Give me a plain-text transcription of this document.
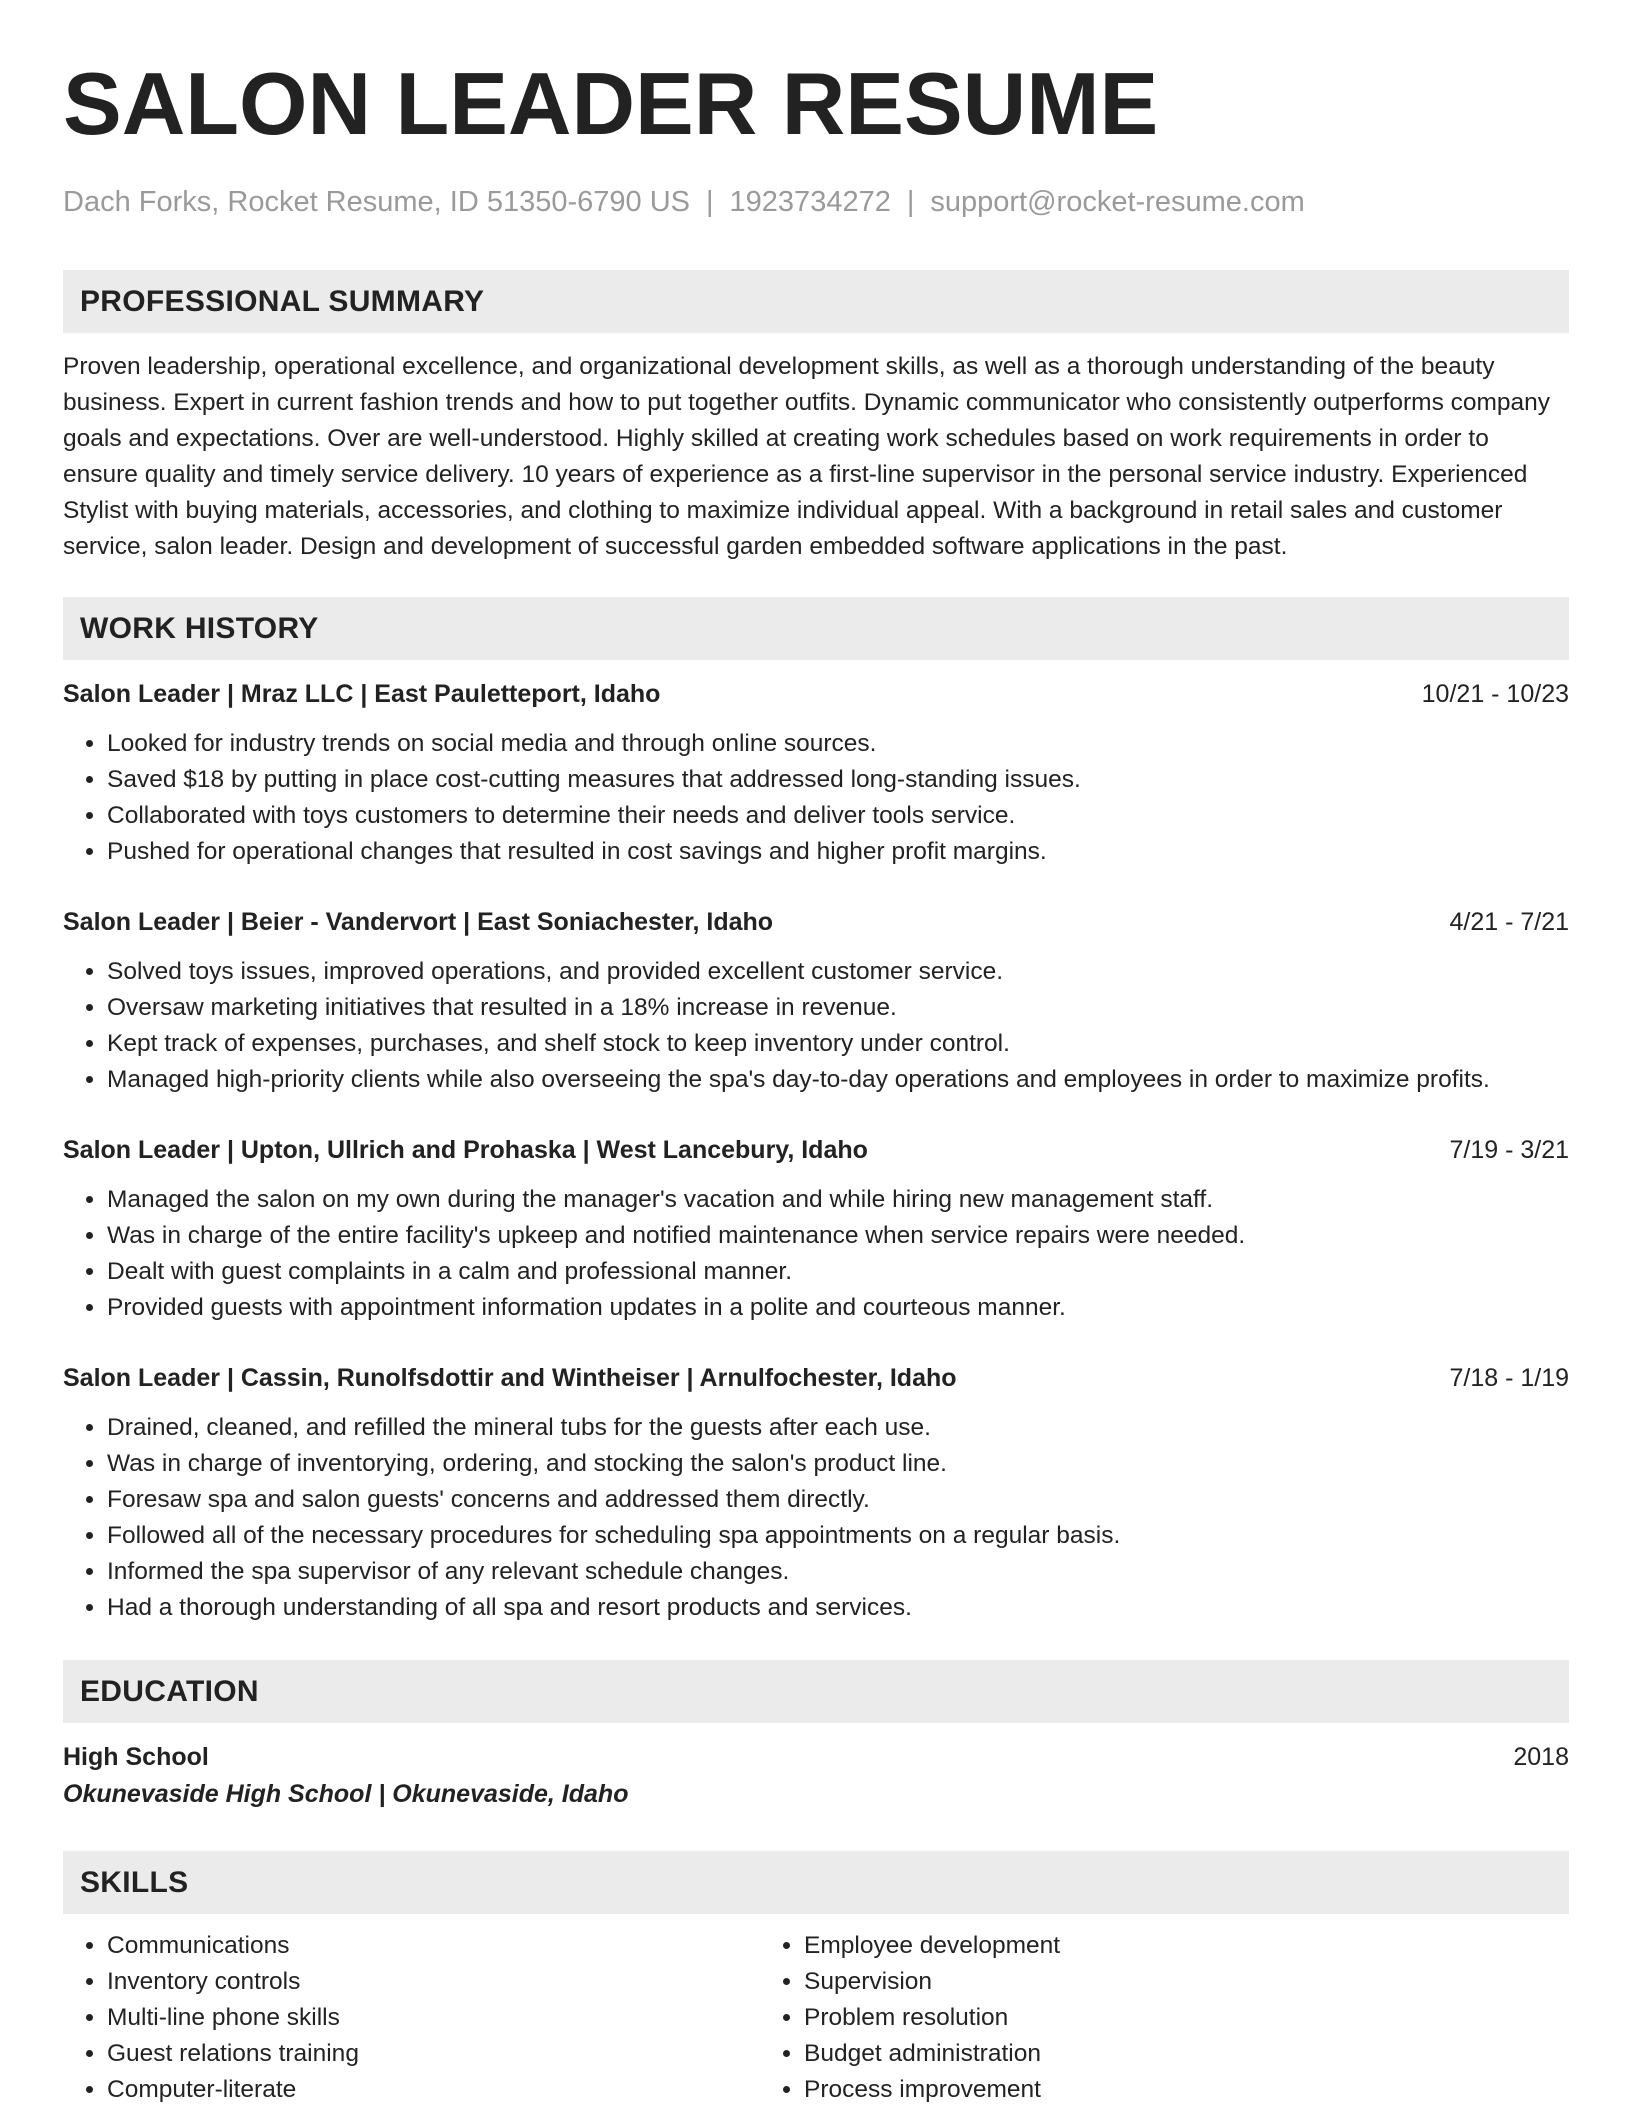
SALON LEADER RESUME
Dach Forks, Rocket Resume, ID 51350-6790 US | 1923734272 | support@rocket-resume.com
PROFESSIONAL SUMMARY
Proven leadership, operational excellence, and organizational development skills, as well as a thorough understanding of the beauty business. Expert in current fashion trends and how to put together outfits. Dynamic communicator who consistently outperforms company goals and expectations. Over are well-understood. Highly skilled at creating work schedules based on work requirements in order to ensure quality and timely service delivery. 10 years of experience as a first-line supervisor in the personal service industry. Experienced Stylist with buying materials, accessories, and clothing to maximize individual appeal. With a background in retail sales and customer service, salon leader. Design and development of successful garden embedded software applications in the past.
WORK HISTORY
Salon Leader | Mraz LLC | East Pauletteport, Idaho	10/21 - 10/23
• Looked for industry trends on social media and through online sources.
• Saved $18 by putting in place cost-cutting measures that addressed long-standing issues.
• Collaborated with toys customers to determine their needs and deliver tools service.
• Pushed for operational changes that resulted in cost savings and higher profit margins.
Salon Leader | Beier - Vandervort | East Soniachester, Idaho	4/21 - 7/21
• Solved toys issues, improved operations, and provided excellent customer service.
• Oversaw marketing initiatives that resulted in a 18% increase in revenue.
• Kept track of expenses, purchases, and shelf stock to keep inventory under control.
• Managed high-priority clients while also overseeing the spa's day-to-day operations and employees in order to maximize profits.
Salon Leader | Upton, Ullrich and Prohaska | West Lancebury, Idaho	7/19 - 3/21
• Managed the salon on my own during the manager's vacation and while hiring new management staff.
• Was in charge of the entire facility's upkeep and notified maintenance when service repairs were needed.
• Dealt with guest complaints in a calm and professional manner.
• Provided guests with appointment information updates in a polite and courteous manner.
Salon Leader | Cassin, Runolfsdottir and Wintheiser | Arnulfochester, Idaho	7/18 - 1/19
• Drained, cleaned, and refilled the mineral tubs for the guests after each use.
• Was in charge of inventorying, ordering, and stocking the salon's product line.
• Foresaw spa and salon guests' concerns and addressed them directly.
• Followed all of the necessary procedures for scheduling spa appointments on a regular basis.
• Informed the spa supervisor of any relevant schedule changes.
• Had a thorough understanding of all spa and resort products and services.
EDUCATION
High School	2018
Okunevaside High School | Okunevaside, Idaho
SKILLS
• Communications
• Inventory controls
• Multi-line phone skills
• Guest relations training
• Computer-literate
• Employee development
• Supervision
• Problem resolution
• Budget administration
• Process improvement
